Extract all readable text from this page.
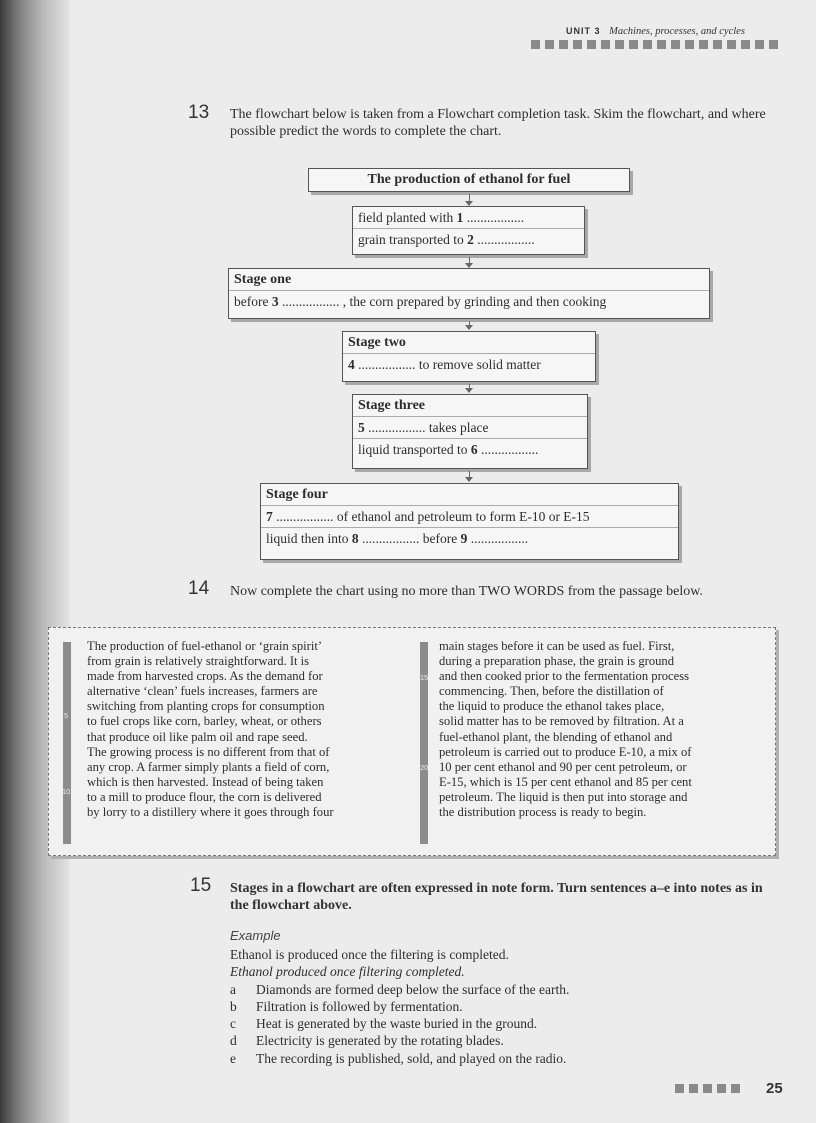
UNIT 3 Machines, processes, and cycles
13 The flowchart below is taken from a Flowchart completion task. Skim the flowchart, and where possible predict the words to complete the chart.
The production of ethanol for fuel
field planted with 1 .................
grain transported to 2 .................
Stage one
before 3 ................. , the corn prepared by grinding and then cooking
Stage two
4 ................. to remove solid matter
Stage three
5 ................. takes place
liquid transported to 6 .................
Stage four
7 ................. of ethanol and petroleum to form E-10 or E-15
liquid then into 8 ................. before 9 .................
14 Now complete the chart using no more than TWO WORDS from the passage below.
5
10
15
20
The production of fuel-ethanol or ‘grain spirit’
from grain is relatively straightforward. It is
made from harvested crops. As the demand for
alternative ‘clean’ fuels increases, farmers are
switching from planting crops for consumption
to fuel crops like corn, barley, wheat, or others
that produce oil like palm oil and rape seed.
The growing process is no different from that of
any crop. A farmer simply plants a field of corn,
which is then harvested. Instead of being taken
to a mill to produce flour, the corn is delivered
by lorry to a distillery where it goes through four
main stages before it can be used as fuel. First,
during a preparation phase, the grain is ground
and then cooked prior to the fermentation process
commencing. Then, before the distillation of
the liquid to produce the ethanol takes place,
solid matter has to be removed by filtration. At a
fuel-ethanol plant, the blending of ethanol and
petroleum is carried out to produce E-10, a mix of
10 per cent ethanol and 90 per cent petroleum, or
E-15, which is 15 per cent ethanol and 85 per cent
petroleum. The liquid is then put into storage and
the distribution process is ready to begin.
15 Stages in a flowchart are often expressed in note form. Turn sentences a–e into notes as in the flowchart above.
Example
Ethanol is produced once the filtering is completed.
Ethanol produced once filtering completed.
a	Diamonds are formed deep below the surface of the earth.
b	Filtration is followed by fermentation.
c	Heat is generated by the waste buried in the ground.
d	Electricity is generated by the rotating blades.
e	The recording is published, sold, and played on the radio.
25
